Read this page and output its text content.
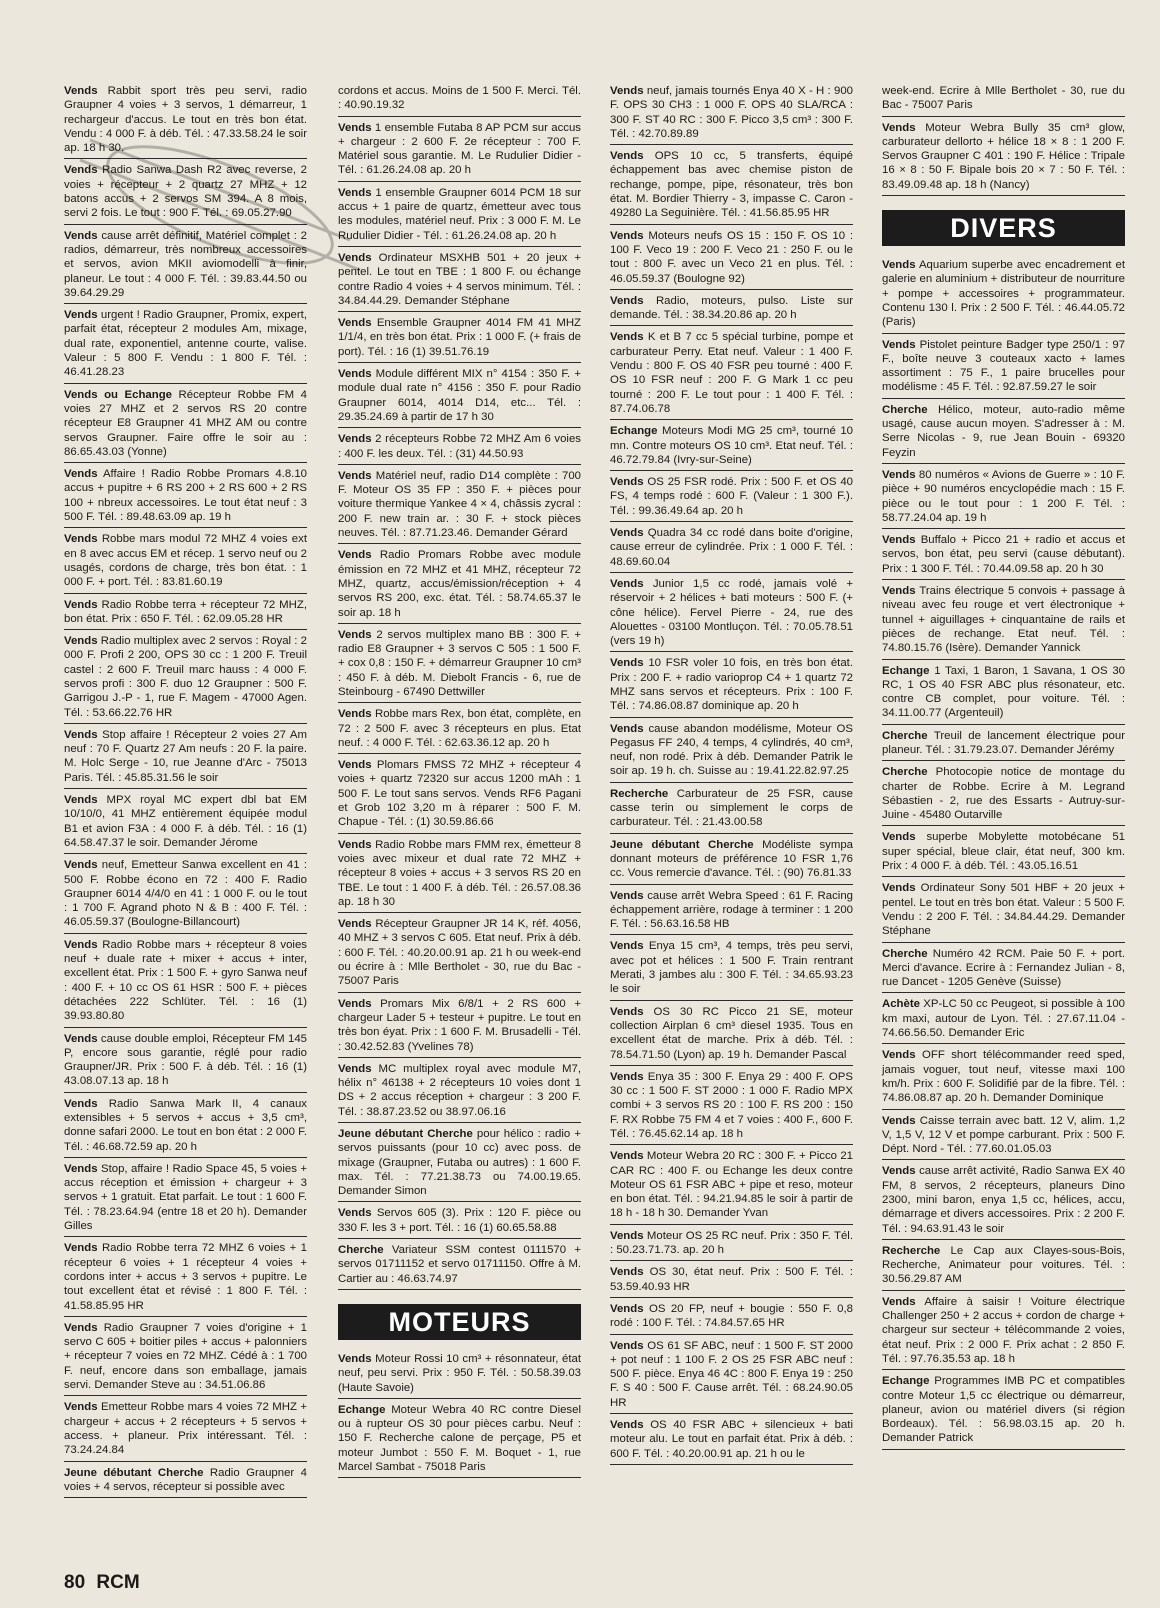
Vends Rabbit sport très peu servi, radio Graupner 4 voies + 3 servos, 1 démarreur, 1 rechargeur d'accus. Le tout en très bon état. Vendu : 4 000 F. à déb. Tél. : 47.33.58.24 le soir ap. 18 h 30.
Vends Radio Sanwa Dash R2 avec reverse, 2 voies + récepteur + 2 quartz 27 MHZ + 12 batons accus + 2 servos SM 394. A 8 mois, servi 2 fois. Le tout : 900 F. Tél. : 69.05.27.90
Vends cause arrêt définitif, Matériel complet : 2 radios, démarreur, très nombreux accessoires et servos, avion MKII aviomodelli à finir, planeur. Le tout : 4 000 F. Tél. : 39.83.44.50 ou 39.64.29.29
Vends urgent ! Radio Graupner, Promix, expert, parfait état, récepteur 2 modules Am, mixage, dual rate, exponentiel, antenne courte, valise. Valeur : 5 800 F. Vendu : 1 800 F. Tél. : 46.41.28.23
Vends ou Echange Récepteur Robbe FM 4 voies 27 MHZ et 2 servos RS 20 contre récepteur E8 Graupner 41 MHZ AM ou contre servos Graupner. Faire offre le soir au : 86.65.43.03 (Yonne)
Vends Affaire ! Radio Robbe Promars 4.8.10 accus + pupitre + 6 RS 200 + 2 RS 600 + 2 RS 100 + nbreux accessoires. Le tout état neuf : 3 500 F. Tél. : 89.48.63.09 ap. 19 h
Vends Robbe mars modul 72 MHZ 4 voies ext en 8 avec accus EM et récep. 1 servo neuf ou 2 usagés, cordons de charge, très bon état. : 1 000 F. + port. Tél. : 83.81.60.19
Vends Radio Robbe terra + récepteur 72 MHZ, bon état. Prix : 650 F. Tél. : 62.09.05.28 HR
Vends Radio multiplex avec 2 servos : Royal : 2 000 F. Profi 2 200, OPS 30 cc : 1 200 F. Treuil castel : 2 600 F. Treuil marc hauss : 4 000 F. servos profi : 300 F. duo 12 Graupner : 500 F. Garrigou J.-P - 1, rue F. Magem - 47000 Agen. Tél. : 53.66.22.76 HR
Vends Stop affaire ! Récepteur 2 voies 27 Am neuf : 70 F. Quartz 27 Am neufs : 20 F. la paire. M. Holc Serge - 10, rue Jeanne d'Arc - 75013 Paris. Tél. : 45.85.31.56 le soir
Vends MPX royal MC expert dbl bat EM 10/10/0, 41 MHZ entièrement équipée modul B1 et avion F3A : 4 000 F. à déb. Tél. : 16 (1) 64.58.47.37 le soir. Demander Jérome
Vends neuf, Emetteur Sanwa excellent en 41 : 500 F. Robbe écono en 72 : 400 F. Radio Graupner 6014 4/4/0 en 41 : 1 000 F. ou le tout : 1 700 F. Agrand photo N & B : 400 F. Tél. : 46.05.59.37 (Boulogne-Billancourt)
Vends Radio Robbe mars + récepteur 8 voies neuf + duale rate + mixer + accus + inter, excellent état. Prix : 1 500 F. + gyro Sanwa neuf : 400 F. + 10 cc OS 61 HSR : 500 F. + pièces détachées 222 Schlüter. Tél. : 16 (1) 39.93.80.80
Vends cause double emploi, Récepteur FM 145 P, encore sous garantie, réglé pour radio Graupner/JR. Prix : 500 F. à déb. Tél. : 16 (1) 43.08.07.13 ap. 18 h
Vends Radio Sanwa Mark II, 4 canaux extensibles + 5 servos + accus + 3,5 cm³, donne safari 2000. Le tout en bon état : 2 000 F. Tél. : 46.68.72.59 ap. 20 h
Vends Stop, affaire ! Radio Space 45, 5 voies + accus réception et émission + chargeur + 3 servos + 1 gratuit. Etat parfait. Le tout : 1 600 F. Tél. : 78.23.64.94 (entre 18 et 20 h). Demander Gilles
Vends Radio Robbe terra 72 MHZ 6 voies + 1 récepteur 6 voies + 1 récepteur 4 voies + cordons inter + accus + 3 servos + pupitre. Le tout excellent état et révisé : 1 800 F. Tél. : 41.58.85.95 HR
Vends Radio Graupner 7 voies d'origine + 1 servo C 605 + boitier piles + accus + palonniers + récepteur 7 voies en 72 MHZ. Cédé à : 1 700 F. neuf, encore dans son emballage, jamais servi. Demander Steve au : 34.51.06.86
Vends Emetteur Robbe mars 4 voies 72 MHZ + chargeur + accus + 2 récepteurs + 5 servos + access. + planeur. Prix intéressant. Tél. : 73.24.24.84
Jeune débutant Cherche Radio Graupner 4 voies + 4 servos, récepteur si possible avec
cordons et accus. Moins de 1 500 F. Merci. Tél. : 40.90.19.32
Vends 1 ensemble Futaba 8 AP PCM sur accus + chargeur : 2 600 F. 2e récepteur : 700 F. Matériel sous garantie. M. Le Rudulier Didier - Tél. : 61.26.24.08 ap. 20 h
Vends 1 ensemble Graupner 6014 PCM 18 sur accus + 1 paire de quartz, émetteur avec tous les modules, matériel neuf. Prix : 3 000 F. M. Le Rudulier Didier - Tél. : 61.26.24.08 ap. 20 h
Vends Ordinateur MSXHB 501 + 20 jeux + pentel. Le tout en TBE : 1 800 F. ou échange contre Radio 4 voies + 4 servos minimum. Tél. : 34.84.44.29. Demander Stéphane
Vends Ensemble Graupner 4014 FM 41 MHZ 1/1/4, en très bon état. Prix : 1 000 F. (+ frais de port). Tél. : 16 (1) 39.51.76.19
Vends Module différent MIX n° 4154 : 350 F. + module dual rate n° 4156 : 350 F. pour Radio Graupner 6014, 4014 D14, etc... Tél. : 29.35.24.69 à partir de 17 h 30
Vends 2 récepteurs Robbe 72 MHZ Am 6 voies : 400 F. les deux. Tél. : (31) 44.50.93
Vends Matériel neuf, radio D14 complète : 700 F. Moteur OS 35 FP : 350 F. + pièces pour voiture thermique Yankee 4 × 4, châssis zycral : 200 F. new train ar. : 30 F. + stock pièces neuves. Tél. : 87.71.23.46. Demander Gérard
Vends Radio Promars Robbe avec module émission en 72 MHZ et 41 MHZ, récepteur 72 MHZ, quartz, accus/émission/réception + 4 servos RS 200, exc. état. Tél. : 58.74.65.37 le soir ap. 18 h
Vends 2 servos multiplex mano BB : 300 F. + radio E8 Graupner + 3 servos C 505 : 1 500 F. + cox 0,8 : 150 F. + démarreur Graupner 10 cm³ : 450 F. à déb. M. Diebolt Francis - 6, rue de Steinbourg - 67490 Dettwiller
Vends Robbe mars Rex, bon état, complète, en 72 : 2 500 F. avec 3 récepteurs en plus. Etat neuf. : 4 000 F. Tél. : 62.63.36.12 ap. 20 h
Vends Plomars FMSS 72 MHZ + récepteur 4 voies + quartz 72320 sur accus 1200 mAh : 1 500 F. Le tout sans servos. Vends RF6 Pagani et Grob 102 3,20 m à réparer : 500 F. M. Chapue - Tél. : (1) 30.59.86.66
Vends Radio Robbe mars FMM rex, émetteur 8 voies avec mixeur et dual rate 72 MHZ + récepteur 8 voies + accus + 3 servos RS 20 en TBE. Le tout : 1 400 F. à déb. Tél. : 26.57.08.36 ap. 18 h 30
Vends Récepteur Graupner JR 14 K, réf. 4056, 40 MHZ + 3 servos C 605. Etat neuf. Prix à déb. : 600 F. Tél. : 40.20.00.91 ap. 21 h ou week-end ou écrire à : Mlle Bertholet - 30, rue du Bac - 75007 Paris
Vends Promars Mix 6/8/1 + 2 RS 600 + chargeur Lader 5 + testeur + pupitre. Le tout en très bon éyat. Prix : 1 600 F. M. Brusadelli - Tél. : 30.42.52.83 (Yvelines 78)
Vends MC multiplex royal avec module M7, hélix n° 46138 + 2 récepteurs 10 voies dont 1 DS + 2 accus réception + chargeur : 3 200 F. Tél. : 38.87.23.52 ou 38.97.06.16
Jeune débutant Cherche pour hélico : radio + servos puissants (pour 10 cc) avec poss. de mixage (Graupner, Futaba ou autres) : 1 600 F. max. Tél. : 77.21.38.73 ou 74.00.19.65. Demander Simon
Vends Servos 605 (3). Prix : 120 F. pièce ou 330 F. les 3 + port. Tél. : 16 (1) 60.65.58.88
Cherche Variateur SSM contest 0111570 + servos 01711152 et servo 01711150. Offre à M. Cartier au : 46.63.74.97
MOTEURS
Vends Moteur Rossi 10 cm³ + résonnateur, état neuf, peu servi. Prix : 950 F. Tél. : 50.58.39.03 (Haute Savoie)
Echange Moteur Webra 40 RC contre Diesel ou à rupteur OS 30 pour pièces carbu. Neuf : 150 F. Recherche calone de perçage, P5 et moteur Jumbot : 550 F. M. Boquet - 1, rue Marcel Sambat - 75018 Paris
Vends neuf, jamais tournés Enya 40 X - H : 900 F. OPS 30 CH3 : 1 000 F. OPS 40 SLA/RCA : 300 F. ST 40 RC : 300 F. Picco 3,5 cm³ : 300 F. Tél. : 42.70.89.89
Vends OPS 10 cc, 5 transferts, équipé échappement bas avec chemise piston de rechange, pompe, pipe, résonateur, très bon état. M. Bordier Thierry - 3, impasse C. Caron - 49280 La Seguinière. Tél. : 41.56.85.95 HR
Vends Moteurs neufs OS 15 : 150 F. OS 10 : 100 F. Veco 19 : 200 F. Veco 21 : 250 F. ou le tout : 800 F. avec un Veco 21 en plus. Tél. : 46.05.59.37 (Boulogne 92)
Vends Radio, moteurs, pulso. Liste sur demande. Tél. : 38.34.20.86 ap. 20 h
Vends K et B 7 cc 5 spécial turbine, pompe et carburateur Perry. Etat neuf. Valeur : 1 400 F. Vendu : 800 F. OS 40 FSR peu tourné : 400 F. OS 10 FSR neuf : 200 F. G Mark 1 cc peu tourné : 200 F. Le tout pour : 1 400 F. Tél. : 87.74.06.78
Echange Moteurs Modi MG 25 cm³, tourné 10 mn. Contre moteurs OS 10 cm³. Etat neuf. Tél. : 46.72.79.84 (Ivry-sur-Seine)
Vends OS 25 FSR rodé. Prix : 500 F. et OS 40 FS, 4 temps rodé : 600 F. (Valeur : 1 300 F.). Tél. : 99.36.49.64 ap. 20 h
Vends Quadra 34 cc rodé dans boite d'origine, cause erreur de cylindrée. Prix : 1 000 F. Tél. : 48.69.60.04
Vends Junior 1,5 cc rodé, jamais volé + réservoir + 2 hélices + bati moteurs : 500 F. (+ cône hélice). Fervel Pierre - 24, rue des Alouettes - 03100 Montluçon. Tél. : 70.05.78.51 (vers 19 h)
Vends 10 FSR voler 10 fois, en très bon état. Prix : 200 F. + radio varioprop C4 + 1 quartz 72 MHZ sans servos et récepteurs. Prix : 100 F. Tél. : 74.86.08.87 dominique ap. 20 h
Vends cause abandon modélisme, Moteur OS Pegasus FF 240, 4 temps, 4 cylindrés, 40 cm³, neuf, non rodé. Prix à déb. Demander Patrik le soir ap. 19 h. ch. Suisse au : 19.41.22.82.97.25
Recherche Carburateur de 25 FSR, cause casse terin ou simplement le corps de carburateur. Tél. : 21.43.00.58
Jeune débutant Cherche Modéliste sympa donnant moteurs de préférence 10 FSR 1,76 cc. Vous remercie d'avance. Tél. : (90) 76.81.33
Vends cause arrêt Webra Speed : 61 F. Racing échappement arrière, rodage à terminer : 1 200 F. Tél. : 56.63.16.58 HB
Vends Enya 15 cm³, 4 temps, très peu servi, avec pot et hélices : 1 500 F. Train rentrant Merati, 3 jambes alu : 300 F. Tél. : 34.65.93.23 le soir
Vends OS 30 RC Picco 21 SE, moteur collection Airplan 6 cm³ diesel 1935. Tous en excellent état de marche. Prix à déb. Tél. : 78.54.71.50 (Lyon) ap. 19 h. Demander Pascal
Vends Enya 35 : 300 F. Enya 29 : 400 F. OPS 30 cc : 1 500 F. ST 2000 : 1 000 F. Radio MPX combi + 3 servos RS 20 : 100 F. RS 200 : 150 F. RX Robbe 75 FM 4 et 7 voies : 400 F., 600 F. Tél. : 76.45.62.14 ap. 18 h
Vends Moteur Webra 20 RC : 300 F. + Picco 21 CAR RC : 400 F. ou Echange les deux contre Moteur OS 61 FSR ABC + pipe et reso, moteur en bon état. Tél. : 94.21.94.85 le soir à partir de 18 h - 18 h 30. Demander Yvan
Vends Moteur OS 25 RC neuf. Prix : 350 F. Tél. : 50.23.71.73. ap. 20 h
Vends OS 30, état neuf. Prix : 500 F. Tél. : 53.59.40.93 HR
Vends OS 20 FP, neuf + bougie : 550 F. 0,8 rodé : 100 F. Tél. : 74.84.57.65 HR
Vends OS 61 SF ABC, neuf : 1 500 F. ST 2000 + pot neuf : 1 100 F. 2 OS 25 FSR ABC neuf : 500 F. pièce. Enya 46 4C : 800 F. Enya 19 : 250 F. S 40 : 500 F. Cause arrêt. Tél. : 68.24.90.05 HR
Vends OS 40 FSR ABC + silencieux + bati moteur alu. Le tout en parfait état. Prix à déb. : 600 F. Tél. : 40.20.00.91 ap. 21 h ou le
week-end. Ecrire à Mlle Bertholet - 30, rue du Bac - 75007 Paris
Vends Moteur Webra Bully 35 cm³ glow, carburateur dellorto + hélice 18 × 8 : 1 200 F. Servos Graupner C 401 : 190 F. Hélice : Tripale 16 × 8 : 50 F. Bipale bois 20 × 7 : 50 F. Tél. : 83.49.09.48 ap. 18 h (Nancy)
DIVERS
Vends Aquarium superbe avec encadrement et galerie en aluminium + distributeur de nourriture + pompe + accessoires + programmateur. Contenu 130 l. Prix : 2 500 F. Tél. : 46.44.05.72 (Paris)
Vends Pistolet peinture Badger type 250/1 : 97 F., boîte neuve 3 couteaux xacto + lames assortiment : 75 F., 1 paire brucelles pour modélisme : 45 F. Tél. : 92.87.59.27 le soir
Cherche Hélico, moteur, auto-radio même usagé, cause aucun moyen. S'adresser à : M. Serre Nicolas - 9, rue Jean Bouin - 69320 Feyzin
Vends 80 numéros « Avions de Guerre » : 10 F. pièce + 90 numéros encyclopédie mach : 15 F. pièce ou le tout pour : 1 200 F. Tél. : 58.77.24.04 ap. 19 h
Vends Buffalo + Picco 21 + radio et accus et servos, bon état, peu servi (cause débutant). Prix : 1 300 F. Tél. : 70.44.09.58 ap. 20 h 30
Vends Trains électrique 5 convois + passage à niveau avec feu rouge et vert électronique + tunnel + aiguillages + cinquantaine de rails et pièces de rechange. Etat neuf. Tél. : 74.80.15.76 (Isère). Demander Yannick
Echange 1 Taxi, 1 Baron, 1 Savana, 1 OS 30 RC, 1 OS 40 FSR ABC plus résonateur, etc. contre CB complet, pour voiture. Tél. : 34.11.00.77 (Argenteuil)
Cherche Treuil de lancement électrique pour planeur. Tél. : 31.79.23.07. Demander Jérémy
Cherche Photocopie notice de montage du charter de Robbe. Ecrire à M. Legrand Sébastien - 2, rue des Essarts - Autruy-sur-Juine - 45480 Outarville
Vends superbe Mobylette motobécane 51 super spécial, bleue clair, état neuf, 300 km. Prix : 4 000 F. à déb. Tél. : 43.05.16.51
Vends Ordinateur Sony 501 HBF + 20 jeux + pentel. Le tout en très bon état. Valeur : 5 500 F. Vendu : 2 200 F. Tél. : 34.84.44.29. Demander Stéphane
Cherche Numéro 42 RCM. Paie 50 F. + port. Merci d'avance. Ecrire à : Fernandez Julian - 8, rue Dancet - 1205 Genève (Suisse)
Achète XP-LC 50 cc Peugeot, si possible à 100 km maxi, autour de Lyon. Tél. : 27.67.11.04 - 74.66.56.50. Demander Eric
Vends OFF short télécommander reed sped, jamais voguer, tout neuf, vitesse maxi 100 km/h. Prix : 600 F. Solidifié par de la fibre. Tél. : 74.86.08.87 ap. 20 h. Demander Dominique
Vends Caisse terrain avec batt. 12 V, alim. 1,2 V, 1,5 V, 12 V et pompe carburant. Prix : 500 F. Dépt. Nord - Tél. : 77.60.01.05.03
Vends cause arrêt activité, Radio Sanwa EX 40 FM, 8 servos, 2 récepteurs, planeurs Dino 2300, mini baron, enya 1,5 cc, hélices, accu, démarrage et divers accessoires. Prix : 2 200 F. Tél. : 94.63.91.43 le soir
Recherche Le Cap aux Clayes-sous-Bois, Recherche, Animateur pour voitures. Tél. : 30.56.29.87 AM
Vends Affaire à saisir ! Voiture électrique Challenger 250 + 2 accus + cordon de charge + chargeur sur secteur + télécommande 2 voies, état neuf. Prix : 2 000 F. Prix achat : 2 850 F. Tél. : 97.76.35.53 ap. 18 h
Echange Programmes IMB PC et compatibles contre Moteur 1,5 cc électrique ou démarreur, planeur, avion ou matériel divers (si région Bordeaux). Tél. : 56.98.03.15 ap. 20 h. Demander Patrick
80 RCM
